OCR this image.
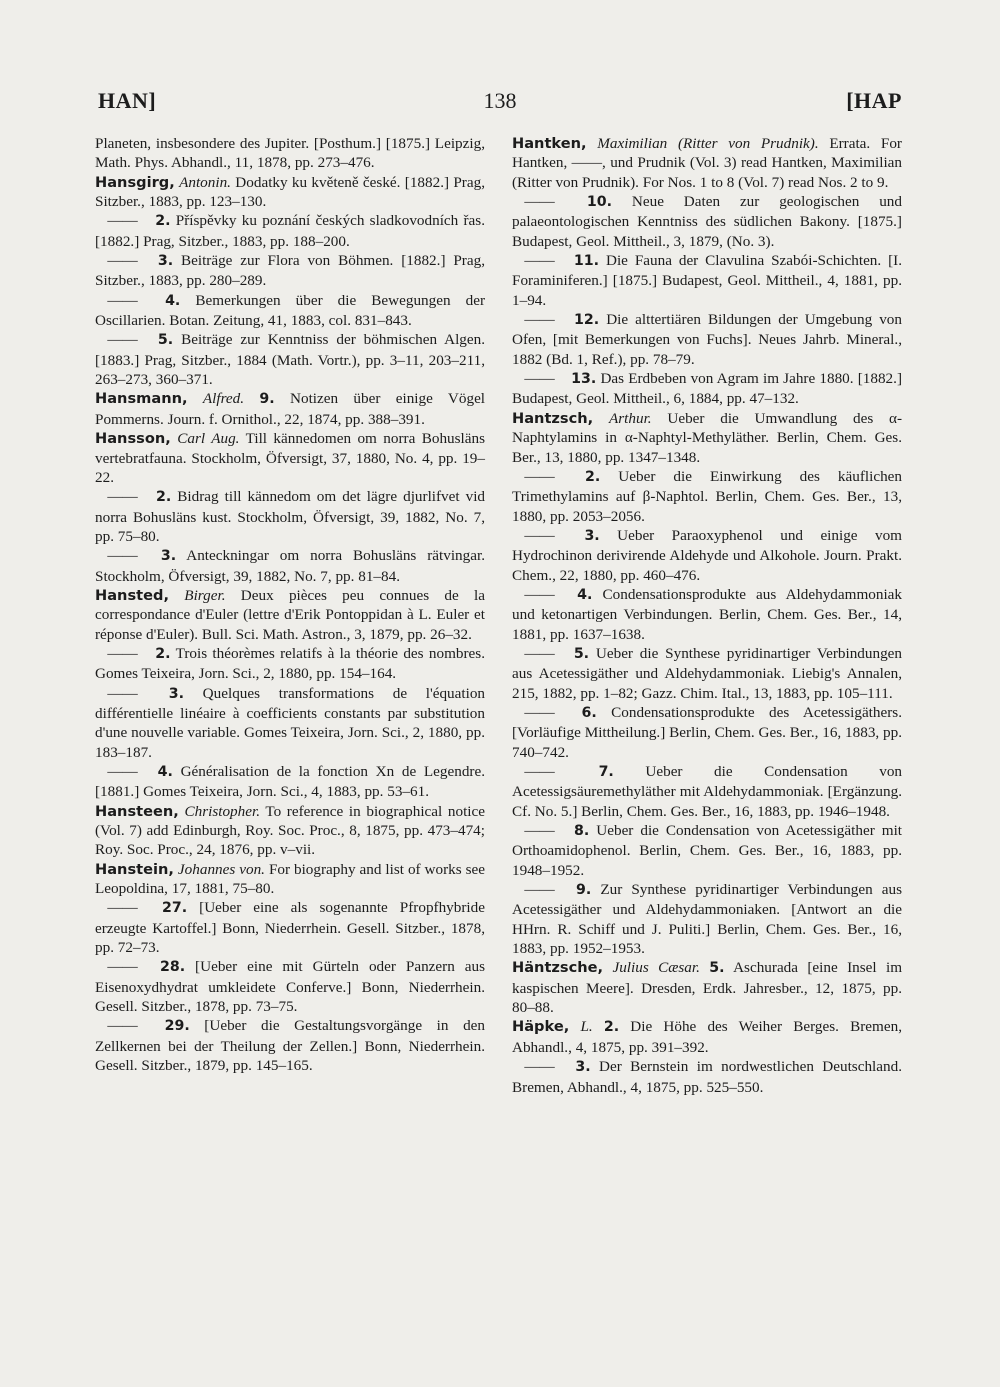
HAN]	138	[HAP

Planeten, insbesondere des Jupiter. [Posthum.] [1875.] Leipzig, Math. Phys. Abhandl., 11, 1878, pp. 273–476.

Hansgirg, Antonin. Dodatky ku květeně české. [1882.] Prag, Sitzber., 1883, pp. 123–130.

—— 2. Příspěvky ku poznání českých sladkovodních řas. [1882.] Prag, Sitzber., 1883, pp. 188–200.

—— 3. Beiträge zur Flora von Böhmen. [1882.] Prag, Sitzber., 1883, pp. 280–289.

—— 4. Bemerkungen über die Bewegungen der Oscillarien. Botan. Zeitung, 41, 1883, col. 831–843.

—— 5. Beiträge zur Kenntniss der böhmischen Algen. [1883.] Prag, Sitzber., 1884 (Math. Vortr.), pp. 3–11, 203–211, 263–273, 360–371.

Hansmann, Alfred. 9. Notizen über einige Vögel Pommerns. Journ. f. Ornithol., 22, 1874, pp. 388–391.

Hansson, Carl Aug. Till kännedomen om norra Bohusläns vertebratfauna. Stockholm, Öfversigt, 37, 1880, No. 4, pp. 19–22.

—— 2. Bidrag till kännedom om det lägre djurlifvet vid norra Bohusläns kust. Stockholm, Öfversigt, 39, 1882, No. 7, pp. 75–80.

—— 3. Anteckningar om norra Bohusläns rätvingar. Stockholm, Öfversigt, 39, 1882, No. 7, pp. 81–84.

Hansted, Birger. Deux pièces peu connues de la correspondance d'Euler (lettre d'Erik Pontoppidan à L. Euler et réponse d'Euler). Bull. Sci. Math. Astron., 3, 1879, pp. 26–32.

—— 2. Trois théorèmes relatifs à la théorie des nombres. Gomes Teixeira, Jorn. Sci., 2, 1880, pp. 154–164.

—— 3. Quelques transformations de l'équation différentielle linéaire à coefficients constants par substitution d'une nouvelle variable. Gomes Teixeira, Jorn. Sci., 2, 1880, pp. 183–187.

—— 4. Généralisation de la fonction Xn de Legendre. [1881.] Gomes Teixeira, Jorn. Sci., 4, 1883, pp. 53–61.

Hansteen, Christopher. To reference in biographical notice (Vol. 7) add Edinburgh, Roy. Soc. Proc., 8, 1875, pp. 473–474; Roy. Soc. Proc., 24, 1876, pp. v–vii.

Hanstein, Johannes von. For biography and list of works see Leopoldina, 17, 1881, 75–80.

—— 27. [Ueber eine als sogenannte Pfropfhybride erzeugte Kartoffel.] Bonn, Niederrhein. Gesell. Sitzber., 1878, pp. 72–73.

—— 28. [Ueber eine mit Gürteln oder Panzern aus Eisenoxydhydrat umkleidete Conferve.] Bonn, Niederrhein. Gesell. Sitzber., 1878, pp. 73–75.

—— 29. [Ueber die Gestaltungsvorgänge in den Zellkernen bei der Theilung der Zellen.] Bonn, Niederrhein. Gesell. Sitzber., 1879, pp. 145–165.

Hantken, Maximilian (Ritter von Prudnik). Errata. For Hantken, ——, und Prudnik (Vol. 3) read Hantken, Maximilian (Ritter von Prudnik). For Nos. 1 to 8 (Vol. 7) read Nos. 2 to 9.

—— 10. Neue Daten zur geologischen und palaeontologischen Kenntniss des südlichen Bakony. [1875.] Budapest, Geol. Mittheil., 3, 1879, (No. 3).

—— 11. Die Fauna der Clavulina Szabói-Schichten. [I. Foraminiferen.] [1875.] Budapest, Geol. Mittheil., 4, 1881, pp. 1–94.

—— 12. Die alttertiären Bildungen der Umgebung von Ofen, [mit Bemerkungen von Fuchs]. Neues Jahrb. Mineral., 1882 (Bd. 1, Ref.), pp. 78–79.

—— 13. Das Erdbeben von Agram im Jahre 1880. [1882.] Budapest, Geol. Mittheil., 6, 1884, pp. 47–132.

Hantzsch, Arthur. Ueber die Umwandlung des α-Naphtylamins in α-Naphtyl-Methyläther. Berlin, Chem. Ges. Ber., 13, 1880, pp. 1347–1348.

—— 2. Ueber die Einwirkung des käuflichen Trimethylamins auf β-Naphtol. Berlin, Chem. Ges. Ber., 13, 1880, pp. 2053–2056.

—— 3. Ueber Paraoxyphenol und einige vom Hydrochinon derivirende Aldehyde und Alkohole. Journ. Prakt. Chem., 22, 1880, pp. 460–476.

—— 4. Condensationsprodukte aus Aldehydammoniak und ketonartigen Verbindungen. Berlin, Chem. Ges. Ber., 14, 1881, pp. 1637–1638.

—— 5. Ueber die Synthese pyridinartiger Verbindungen aus Acetessigäther und Aldehydammoniak. Liebig's Annalen, 215, 1882, pp. 1–82; Gazz. Chim. Ital., 13, 1883, pp. 105–111.

—— 6. Condensationsprodukte des Acetessigäthers. [Vorläufige Mittheilung.] Berlin, Chem. Ges. Ber., 16, 1883, pp. 740–742.

——	7. Ueber die Condensation von Acetessigsäuremethyläther mit Aldehydammoniak. [Ergänzung. Cf. No. 5.] Berlin, Chem. Ges. Ber., 16, 1883, pp. 1946–1948.

—— 8. Ueber die Condensation von Acetessigäther mit Orthoamidophenol. Berlin, Chem. Ges. Ber., 16, 1883, pp. 1948–1952.

—— 9. Zur Synthese pyridinartiger Verbindungen aus Acetessigäther und Aldehydammoniaken. [Antwort an die HHrn. R. Schiff und J. Puliti.] Berlin, Chem. Ges. Ber., 16, 1883, pp. 1952–1953.

Häntzsche, Julius Cæsar. 5. Aschurada [eine Insel im kaspischen Meere]. Dresden, Erdk. Jahresber., 12, 1875, pp. 80–88.

Häpke, L. 2. Die Höhe des Weiher Berges. Bremen, Abhandl., 4, 1875, pp. 391–392.

—— 3. Der Bernstein im nordwestlichen Deutschland. Bremen, Abhandl., 4, 1875, pp. 525–550.
